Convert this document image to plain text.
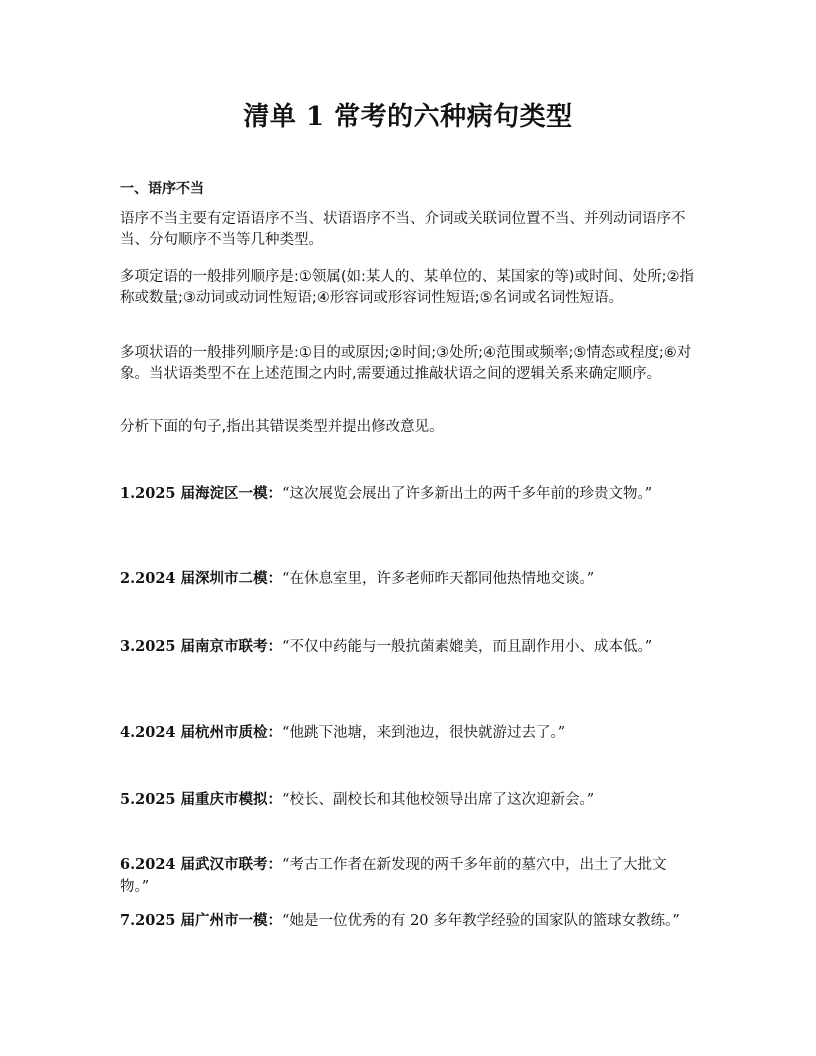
清单 1 常考的六种病句类型
一、语序不当

语序不当主要有定语语序不当、状语语序不当、介词或关联词位置不当、并列动词语序不当、分句顺序不当等几种类型。

多项定语的一般排列顺序是:①领属(如:某人的、某单位的、某国家的等)或时间、处所;②指称或数量;③动词或动词性短语;④形容词或形容词性短语;⑤名词或名词性短语。

多项状语的一般排列顺序是:①目的或原因;②时间;③处所;④范围或频率;⑤情态或程度;⑥对象。当状语类型不在上述范围之内时,需要通过推敲状语之间的逻辑关系来确定顺序。

分析下面的句子,指出其错误类型并提出修改意见。

1.2025 届海淀区一模：“这次展览会展出了许多新出土的两千多年前的珍贵文物。”

2.2024 届深圳市二模：“在休息室里，许多老师昨天都同他热情地交谈。”

3.2025 届南京市联考：“不仅中药能与一般抗菌素媲美，而且副作用小、成本低。”

4.2024 届杭州市质检：“他跳下池塘，来到池边，很快就游过去了。”

5.2025 届重庆市模拟：“校长、副校长和其他校领导出席了这次迎新会。”

6.2024 届武汉市联考：“考古工作者在新发现的两千多年前的墓穴中，出土了大批文物。”

7.2025 届广州市一模：“她是一位优秀的有 20 多年教学经验的国家队的篮球女教练。”
